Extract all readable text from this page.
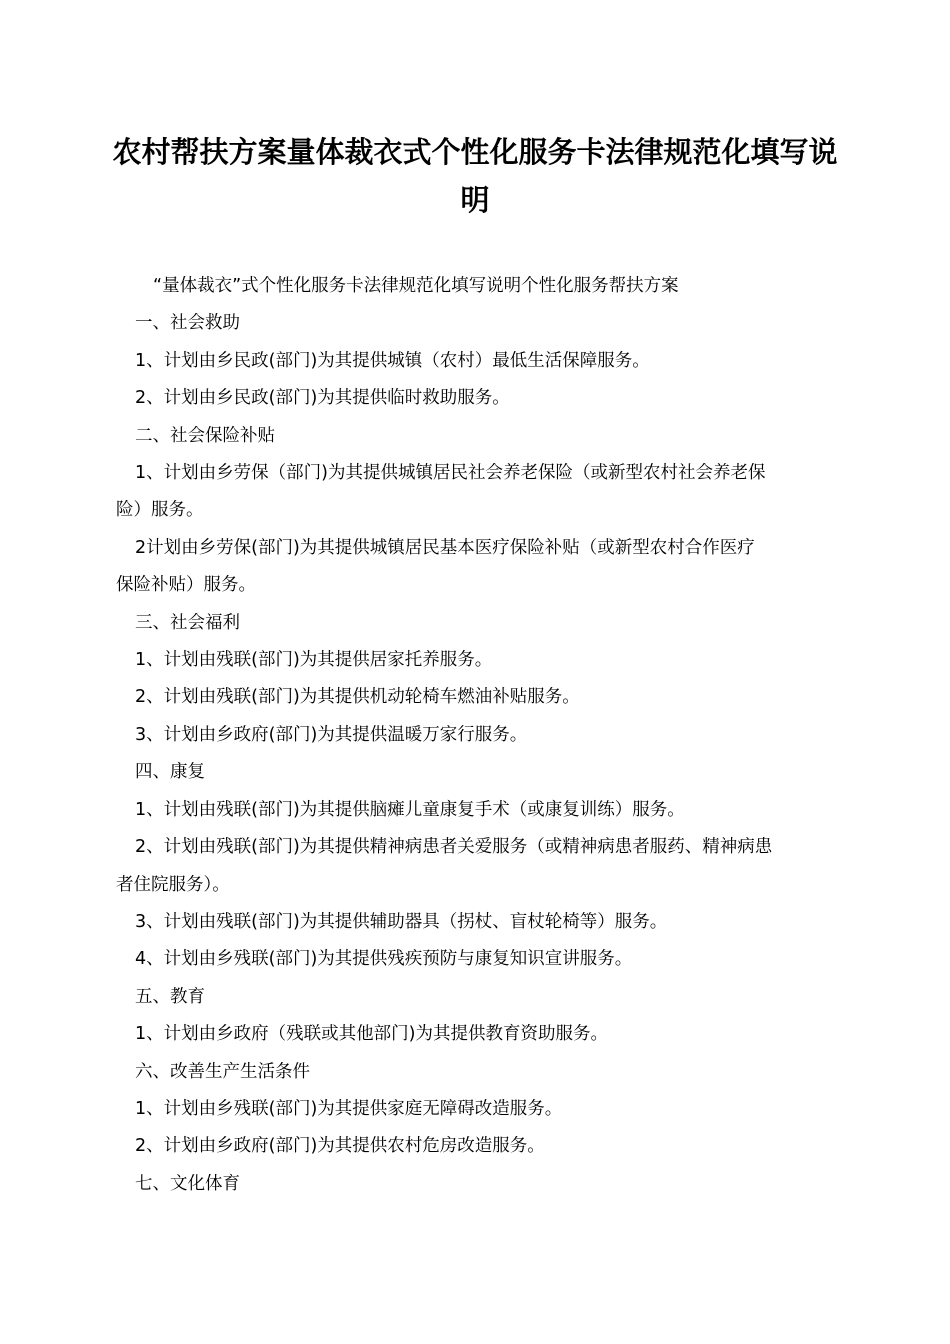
农村帮扶方案量体裁衣式个性化服务卡法律规范化填写说
明

“量体裁衣”式个性化服务卡法律规范化填写说明个性化服务帮扶方案

一、社会救助

1、计划由乡民政(部门)为其提供城镇（农村）最低生活保障服务。

2、计划由乡民政(部门)为其提供临时救助服务。

二、社会保险补贴

1、计划由乡劳保（部门)为其提供城镇居民社会养老保险（或新型农村社会养老保

险）服务。

2计划由乡劳保(部门)为其提供城镇居民基本医疗保险补贴（或新型农村合作医疗

保险补贴）服务。

三、社会福利

1、计划由残联(部门)为其提供居家托养服务。

2、计划由残联(部门)为其提供机动轮椅车燃油补贴服务。

3、计划由乡政府(部门)为其提供温暖万家行服务。

四、康复

1、计划由残联(部门)为其提供脑瘫儿童康复手术（或康复训练）服务。

2、计划由残联(部门)为其提供精神病患者关爱服务（或精神病患者服药、精神病患

者住院服务）。

3、计划由残联(部门)为其提供辅助器具（拐杖、盲杖轮椅等）服务。

4、计划由乡残联(部门)为其提供残疾预防与康复知识宣讲服务。

五、教育

1、计划由乡政府（残联或其他部门)为其提供教育资助服务。

六、改善生产生活条件

1、计划由乡残联(部门)为其提供家庭无障碍改造服务。

2、计划由乡政府(部门)为其提供农村危房改造服务。

七、文化体育
